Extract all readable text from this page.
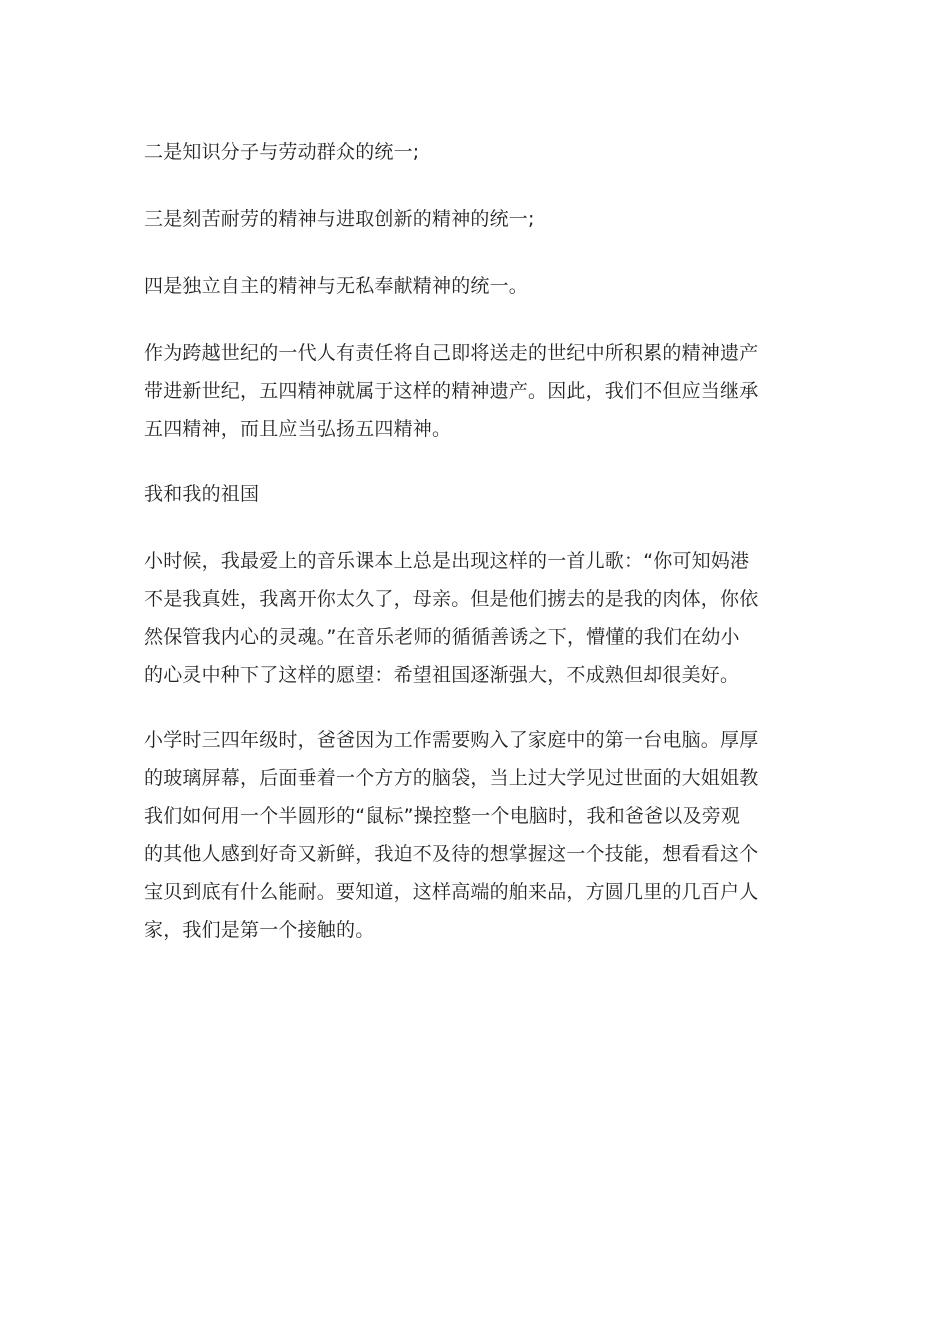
二是知识分子与劳动群众的统一;

三是刻苦耐劳的精神与进取创新的精神的统一;

四是独立自主的精神与无私奉献精神的统一。

作为跨越世纪的一代人有责任将自己即将送走的世纪中所积累的精神遗产
带进新世纪，五四精神就属于这样的精神遗产。因此，我们不但应当继承
五四精神，而且应当弘扬五四精神。

我和我的祖国

小时候，我最爱上的音乐课本上总是出现这样的一首儿歌：“你可知妈港
不是我真姓，我离开你太久了，母亲。但是他们掳去的是我的肉体，你依
然保管我内心的灵魂。”在音乐老师的循循善诱之下，懵懂的我们在幼小
的心灵中种下了这样的愿望：希望祖国逐渐强大，不成熟但却很美好。

小学时三四年级时，爸爸因为工作需要购入了家庭中的第一台电脑。厚厚
的玻璃屏幕，后面垂着一个方方的脑袋，当上过大学见过世面的大姐姐教
我们如何用一个半圆形的“鼠标”操控整一个电脑时，我和爸爸以及旁观
的其他人感到好奇又新鲜，我迫不及待的想掌握这一个技能，想看看这个
宝贝到底有什么能耐。要知道，这样高端的舶来品，方圆几里的几百户人
家，我们是第一个接触的。
